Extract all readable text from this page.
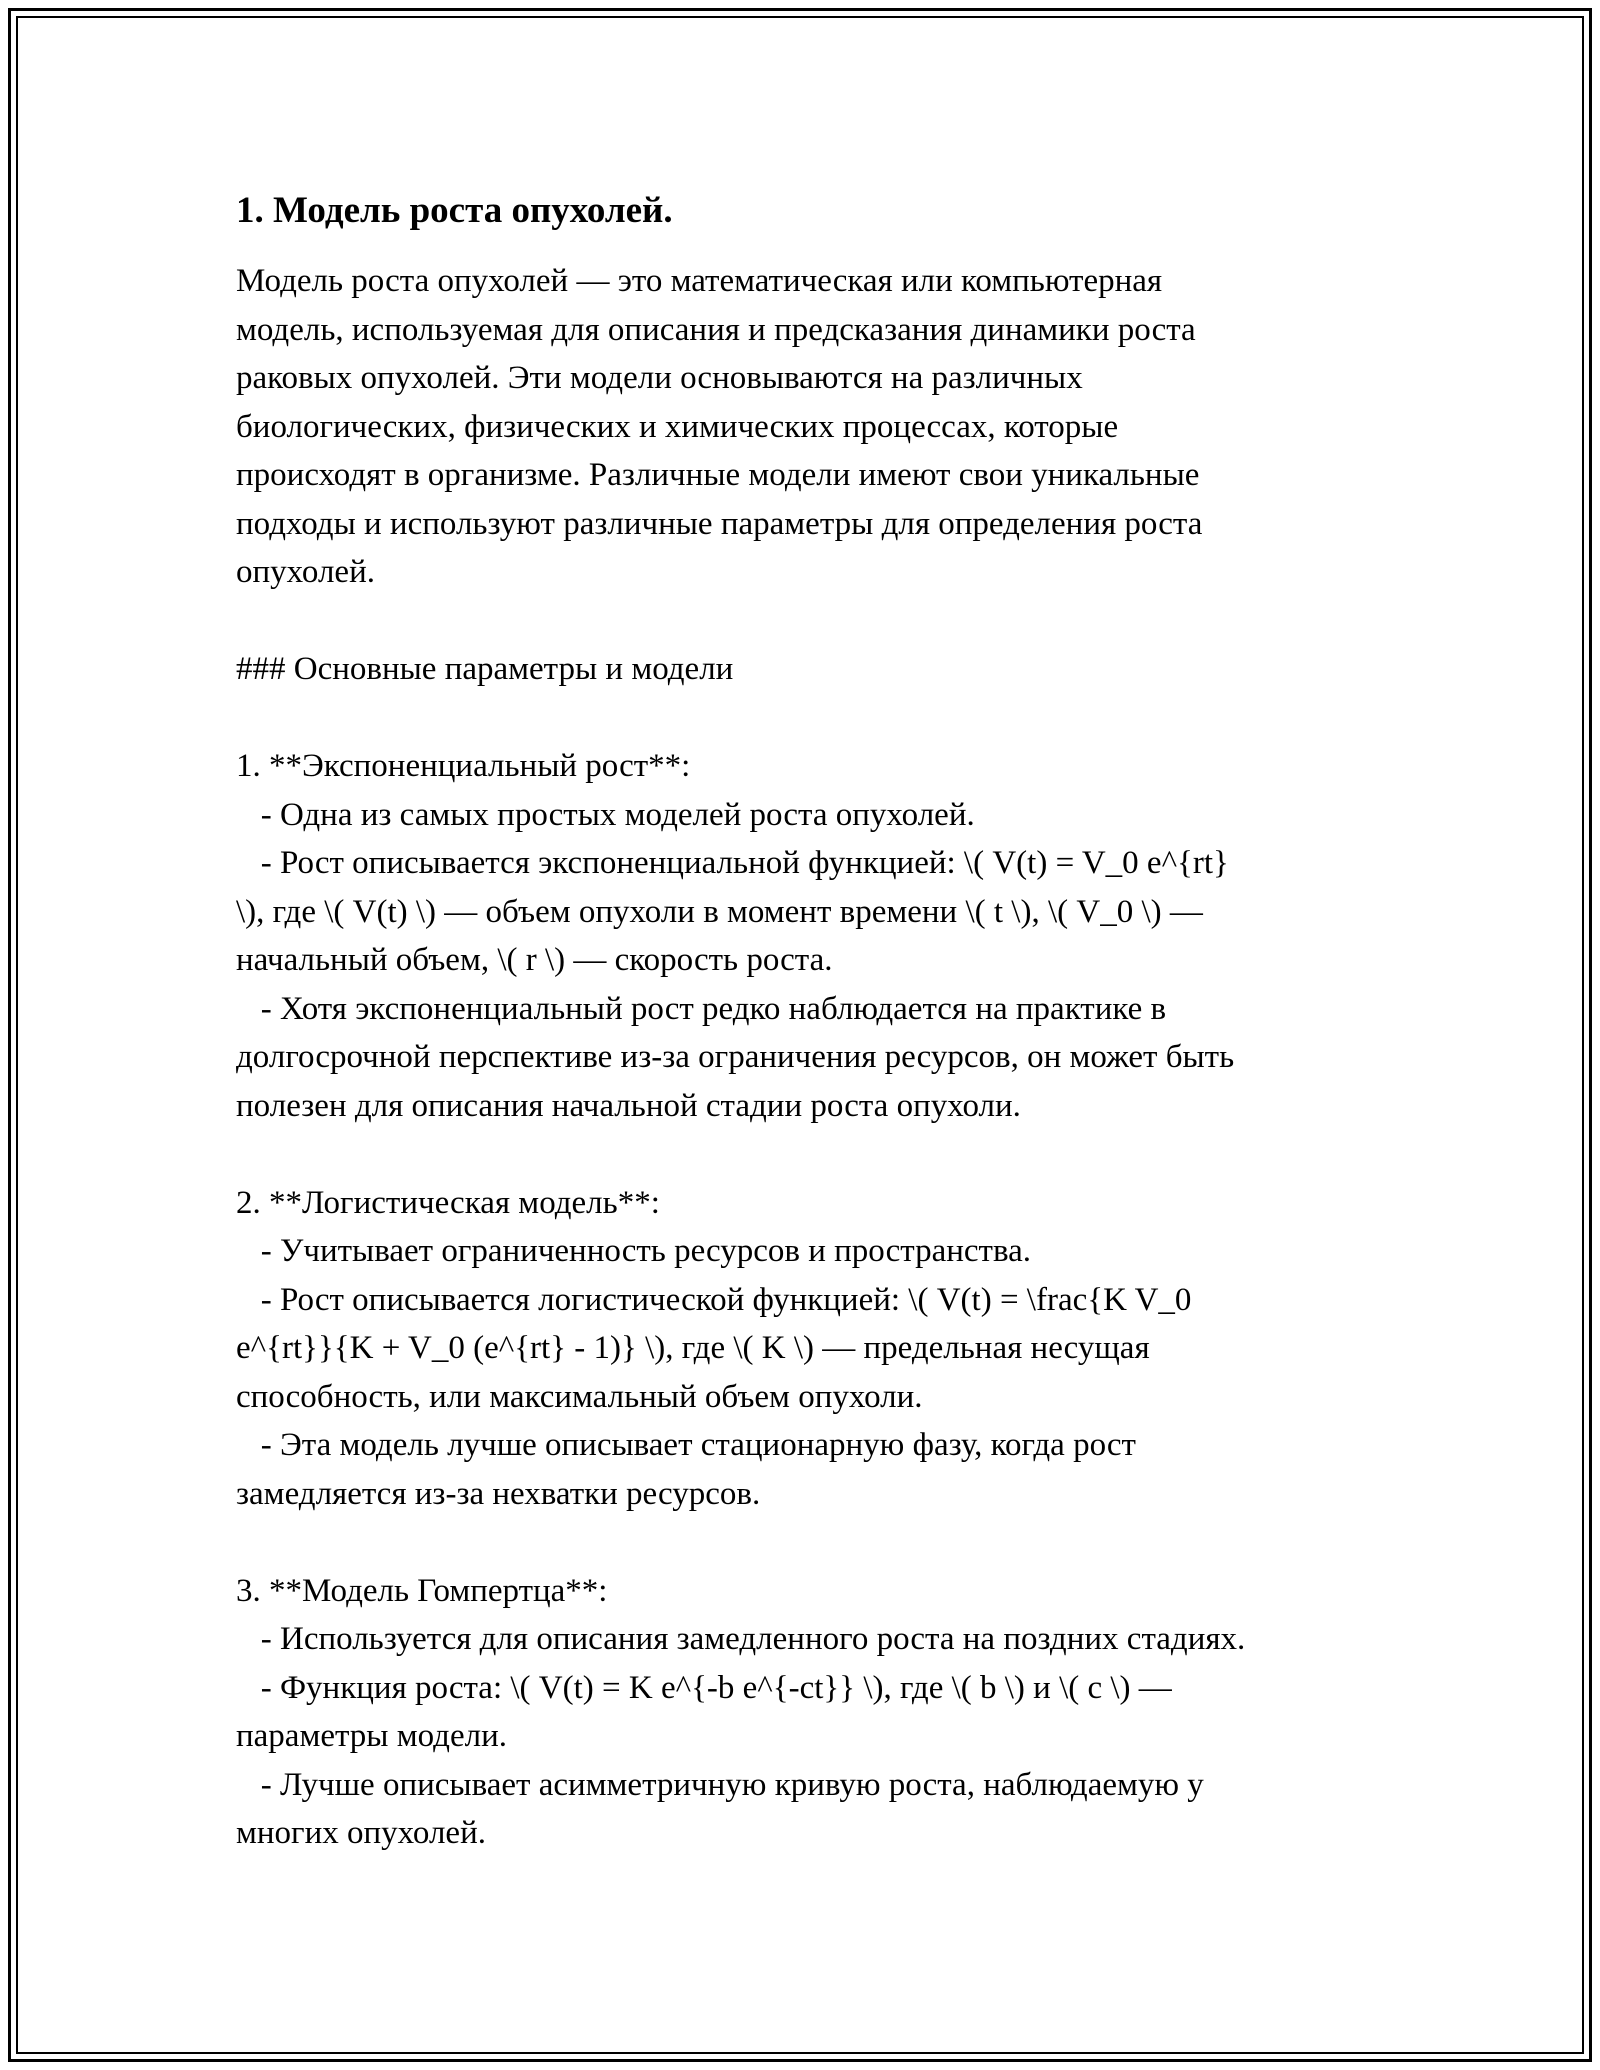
1. Модель роста опухолей.
Модель роста опухолей — это математическая или компьютерная
модель, используемая для описания и предсказания динамики роста
раковых опухолей. Эти модели основываются на различных
биологических, физических и химических процессах, которые
происходят в организме. Различные модели имеют свои уникальные
подходы и используют различные параметры для определения роста
опухолей.

### Основные параметры и модели

1. **Экспоненциальный рост**:
- Одна из самых простых моделей роста опухолей.
- Рост описывается экспоненциальной функцией: \( V(t) = V_0 e^{rt}
\), где \( V(t) \) — объем опухоли в момент времени \( t \), \( V_0 \) —
начальный объем, \( r \) — скорость роста.
- Хотя экспоненциальный рост редко наблюдается на практике в
долгосрочной перспективе из-за ограничения ресурсов, он может быть
полезен для описания начальной стадии роста опухоли.

2. **Логистическая модель**:
- Учитывает ограниченность ресурсов и пространства.
- Рост описывается логистической функцией: \( V(t) = \frac{K V_0
e^{rt}}{K + V_0 (e^{rt} - 1)} \), где \( K \) — предельная несущая
способность, или максимальный объем опухоли.
- Эта модель лучше описывает стационарную фазу, когда рост
замедляется из-за нехватки ресурсов.

3. **Модель Гомпертца**:
- Используется для описания замедленного роста на поздних стадиях.
- Функция роста: \( V(t) = K e^{-b e^{-ct}} \), где \( b \) и \( c \) —
параметры модели.
- Лучше описывает асимметричную кривую роста, наблюдаемую у
многих опухолей.
